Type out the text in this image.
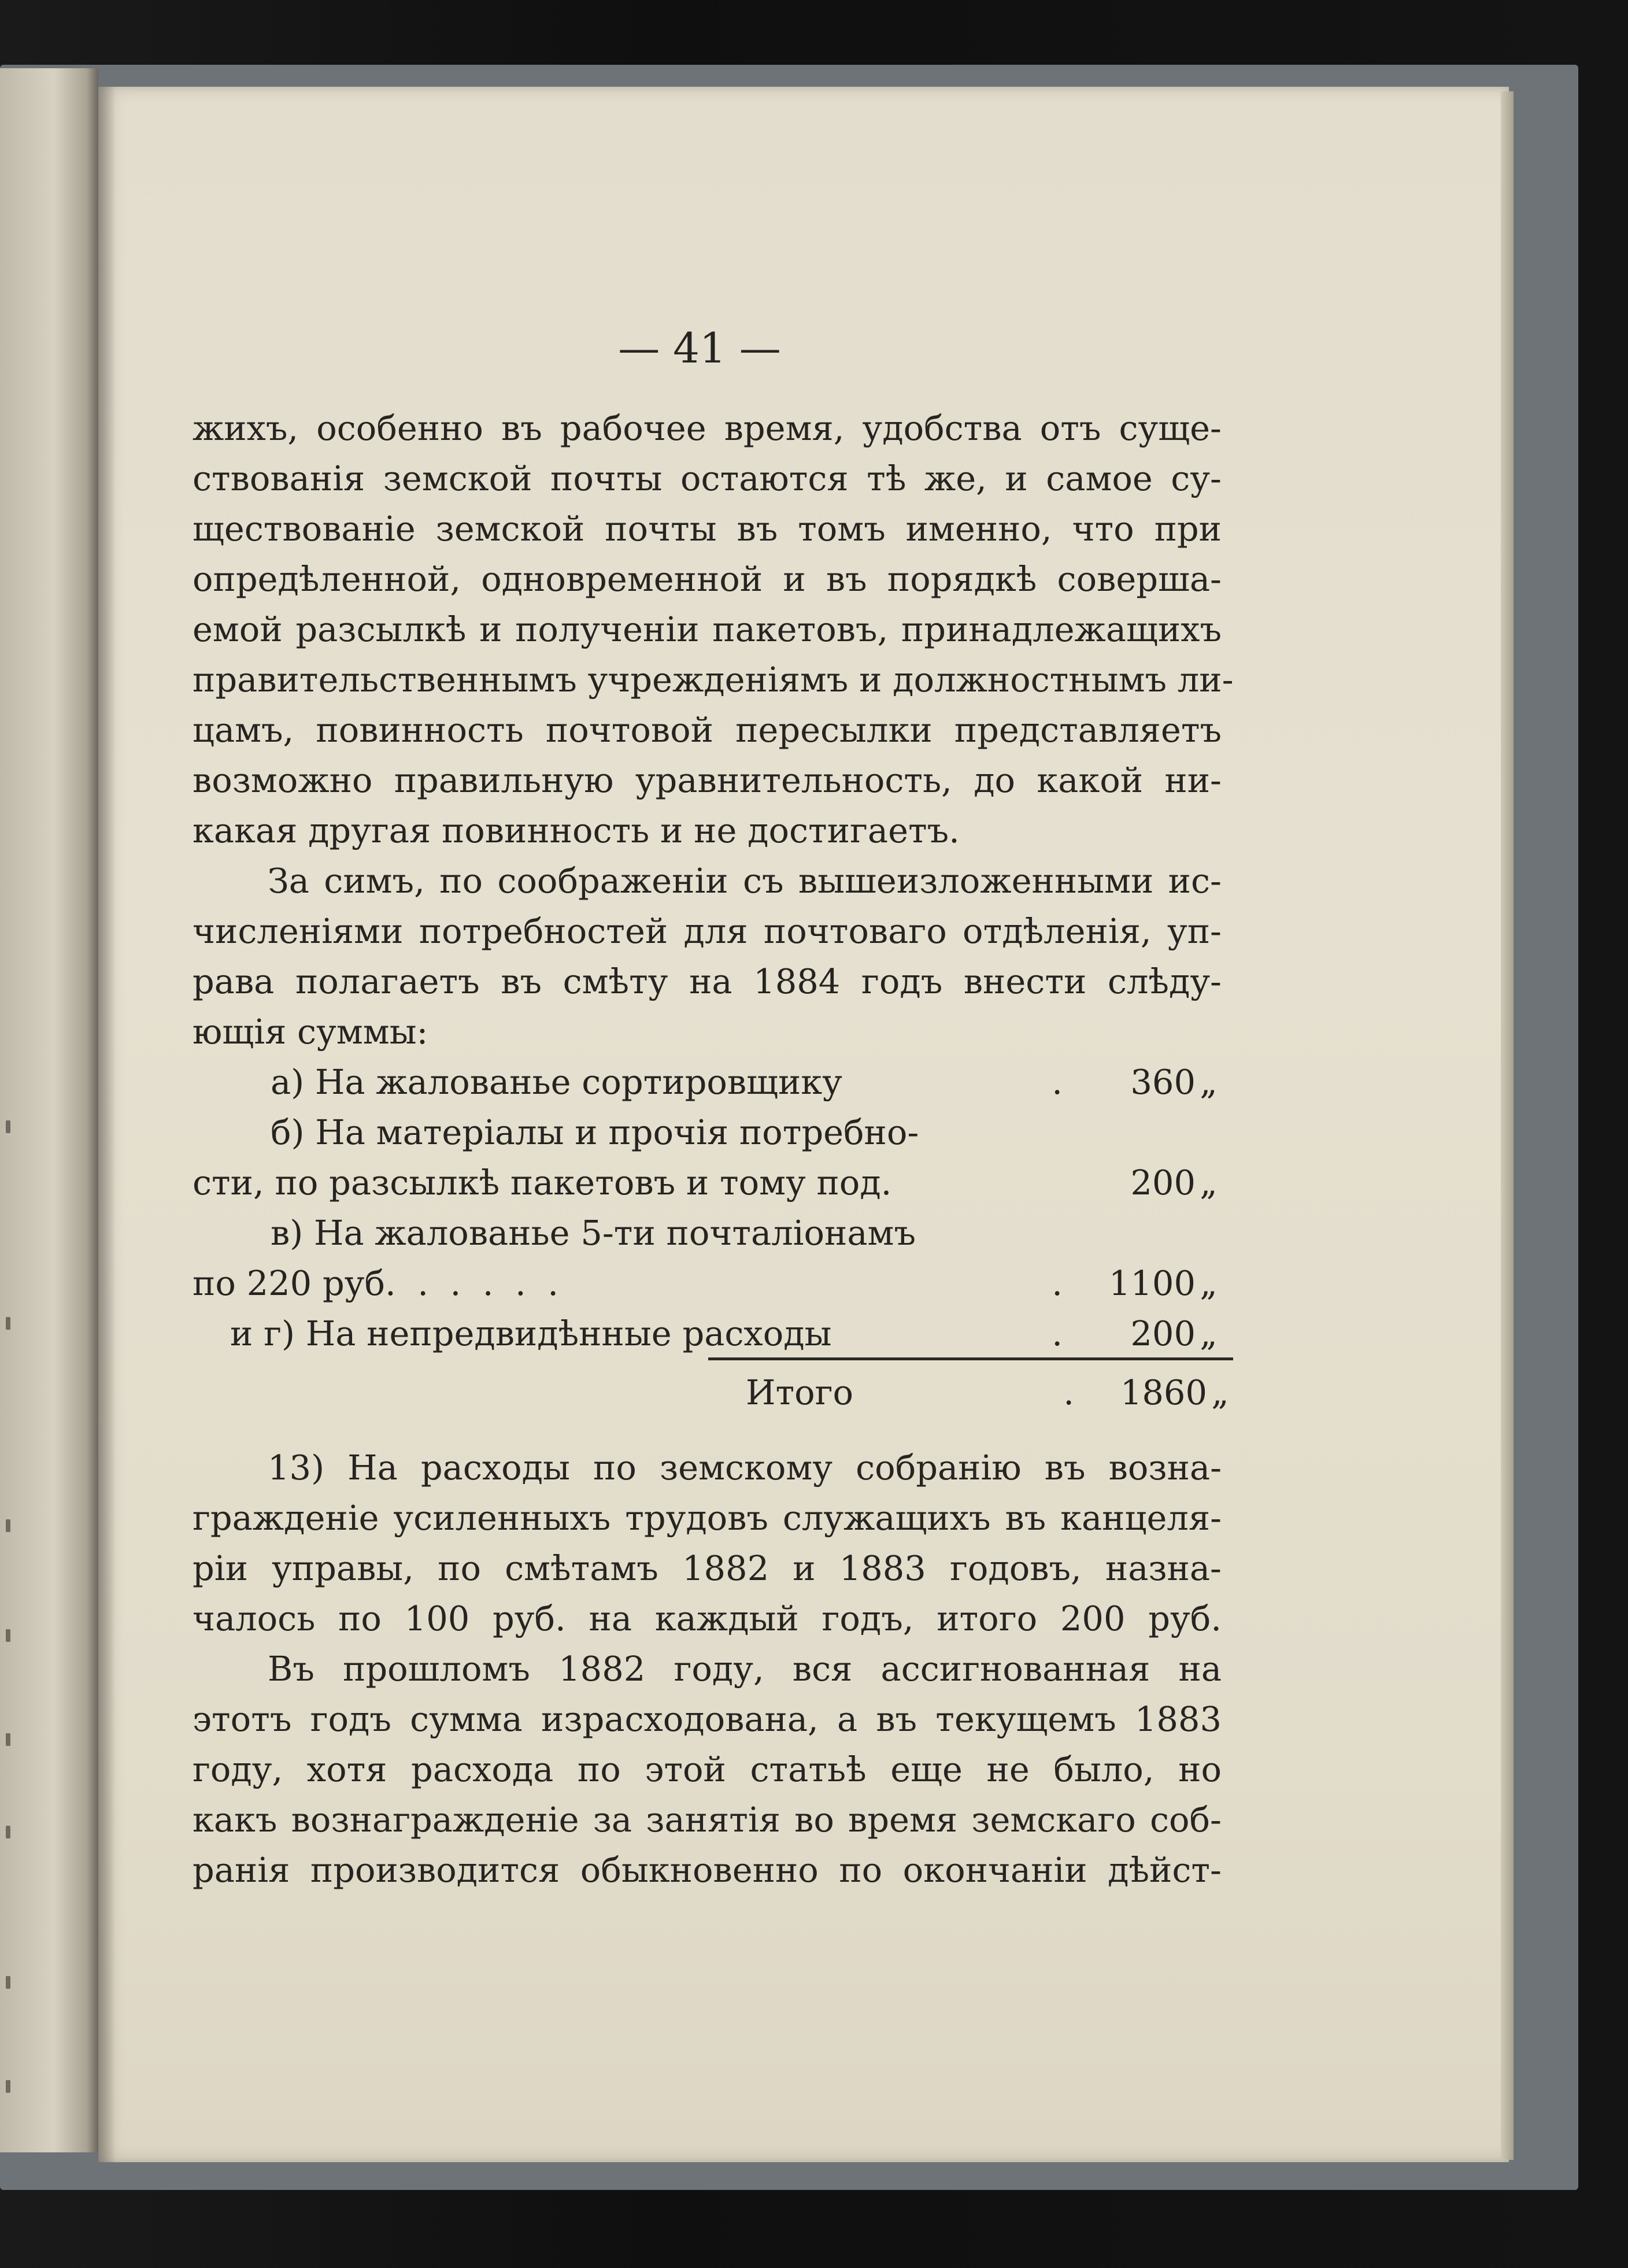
— 41 —
жихъ, особенно въ рабочее время, удобства отъ суще-
ствованія земской почты остаются тѣ же, и самое су-
ществованіе земской почты въ томъ именно, что при
опредѣленной, одновременной и въ порядкѣ соверша-
емой разсылкѣ и полученіи пакетовъ, принадлежащихъ
правительственнымъ учрежденіямъ и должностнымъ ли-
цамъ, повинность почтовой пересылки представляетъ
возможно правильную уравнительность, до какой ни-
какая другая повинность и не достигаетъ.
За симъ, по соображеніи съ вышеизложенными ис-
численіями потребностей для почтоваго отдѣленія, уп-
рава полагаетъ въ смѣту на 1884 годъ внести слѣду-
ющія суммы:
а) На жалованье сортировщику	.	360 „
б) На матеріалы и прочія потребно-
сти, по разсылкѣ пакетовъ и тому под.	200 „
в) На жалованье 5-ти почталіонамъ
по 220 руб.  .  .  .  .  .	.	1100 „
и г) На непредвидѣнные расходы	.	200 „
Итого	.	1860 „
13) На расходы по земскому собранію въ возна-
гражденіе усиленныхъ трудовъ служащихъ въ канцеля-
ріи управы, по смѣтамъ 1882 и 1883 годовъ, назна-
чалось по 100 руб. на каждый годъ, итого 200 руб.
Въ прошломъ 1882 году, вся ассигнованная на
этотъ годъ сумма израсходована, а въ текущемъ 1883
году, хотя расхода по этой статьѣ еще не было, но
какъ вознагражденіе за занятія во время земскаго соб-
ранія производится обыкновенно по окончаніи дѣйст-
